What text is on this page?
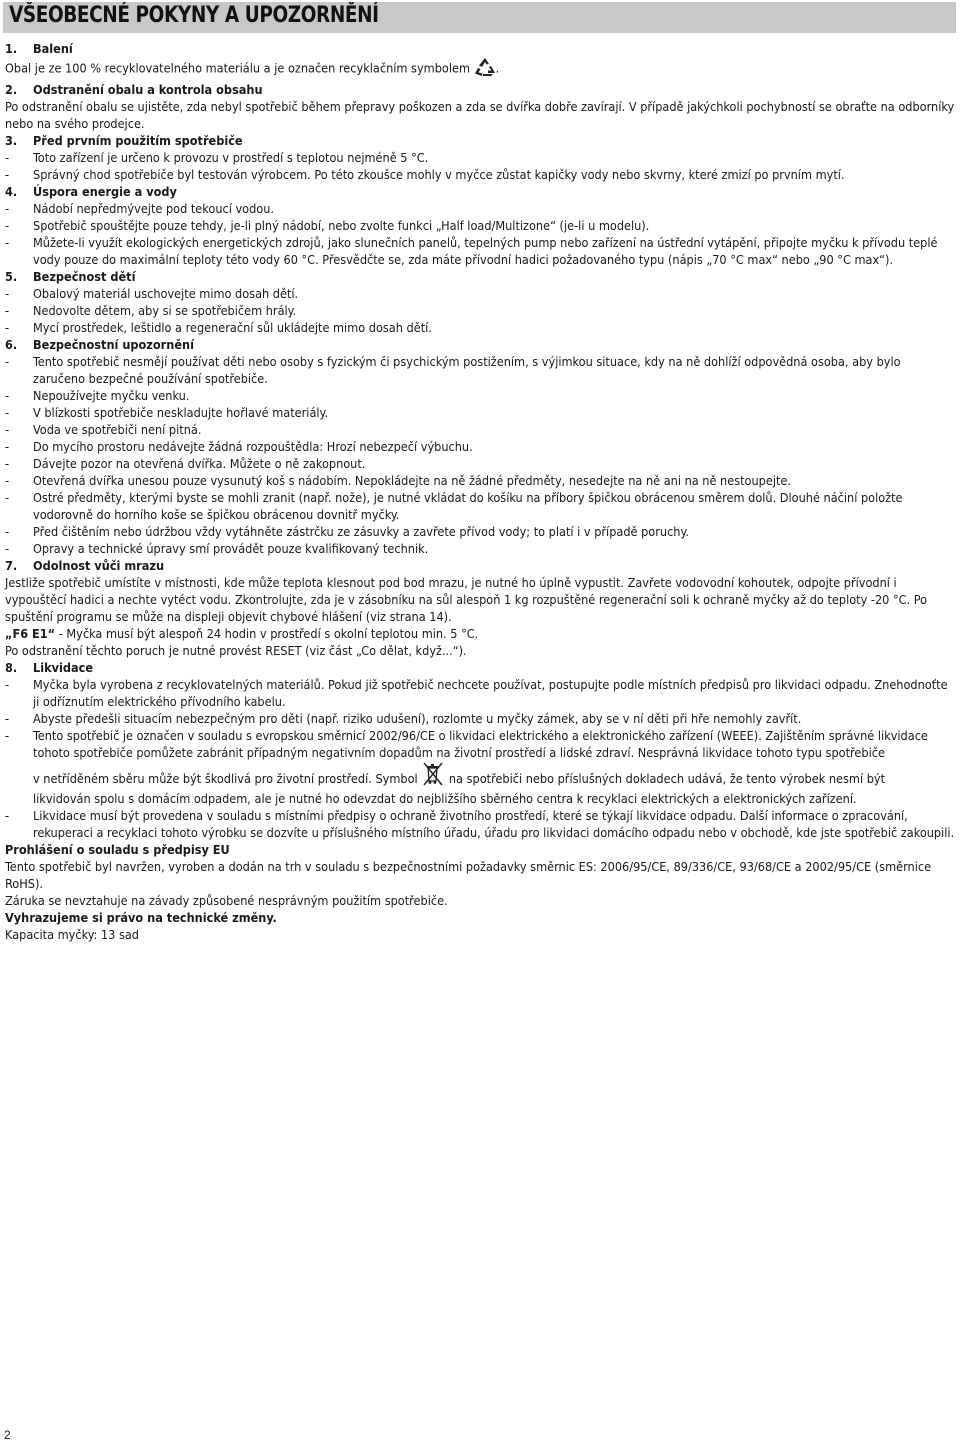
VŠEOBECNÉ POKYNY A UPOZORNĚNÍ

1. Balení

Obal je ze 100 % recyklovatelného materiálu a je označen recyklačním symbolem .

2. Odstranění obalu a kontrola obsahu

Po odstranění obalu se ujistěte, zda nebyl spotřebič během přepravy poškozen a zda se dvířka dobře zavírají. V případě jakýchkoli pochybností se obraťte na odborníky nebo na svého prodejce.

3. Před prvním použitím spotřebiče

- Toto zařízení je určeno k provozu v prostředí s teplotou nejméně 5 °C.

- Správný chod spotřebiče byl testován výrobcem. Po této zkoušce mohly v myčce zůstat kapičky vody nebo skvrny, které zmizí po prvním mytí.

4. Úspora energie a vody

- Nádobí nepředmývejte pod tekoucí vodou.

- Spotřebič spouštějte pouze tehdy, je-li plný nádobí, nebo zvolte funkci „Half load/Multizone“ (je-li u modelu).

- Můžete-li využít ekologických energetických zdrojů, jako slunečních panelů, tepelných pump nebo zařízení na ústřední vytápění, připojte myčku k přívodu teplé vody pouze do maximální teploty této vody 60 °C. Přesvědčte se, zda máte přívodní hadici požadovaného typu (nápis „70 °C max“ nebo „90 °C max“).

5. Bezpečnost dětí

- Obalový materiál uschovejte mimo dosah dětí.

- Nedovolte dětem, aby si se spotřebičem hrály.

- Mycí prostředek, leštidlo a regenerační sůl ukládejte mimo dosah dětí.

6. Bezpečnostní upozornění

- Tento spotřebič nesmějí používat děti nebo osoby s fyzickým či psychickým postižením, s výjimkou situace, kdy na ně dohlíží odpovědná osoba, aby bylo zaručeno bezpečné používání spotřebiče.

- Nepoužívejte myčku venku.

- V blízkosti spotřebiče neskladujte hořlavé materiály.

- Voda ve spotřebiči není pitná.

- Do mycího prostoru nedávejte žádná rozpouštědla: Hrozí nebezpečí výbuchu.

- Dávejte pozor na otevřená dvířka. Můžete o ně zakopnout.

- Otevřená dvířka unesou pouze vysunutý koš s nádobím. Nepokládejte na ně žádné předměty, nesedejte na ně ani na ně nestoupejte.

- Ostré předměty, kterými byste se mohli zranit (např. nože), je nutné vkládat do košíku na příbory špičkou obrácenou směrem dolů. Dlouhé náčiní položte vodorovně do horního koše se špičkou obrácenou dovnitř myčky.

- Před čištěním nebo údržbou vždy vytáhněte zástrčku ze zásuvky a zavřete přívod vody; to platí i v případě poruchy.

- Opravy a technické úpravy smí provádět pouze kvalifikovaný technik.

7. Odolnost vůči mrazu

Jestliže spotřebič umístíte v místnosti, kde může teplota klesnout pod bod mrazu, je nutné ho úplně vypustit. Zavřete vodovodní kohoutek, odpojte přívodní i vypouštěcí hadici a nechte vytéct vodu. Zkontrolujte, zda je v zásobníku na sůl alespoň 1 kg rozpuštěné regenerační soli k ochraně myčky až do teploty -20 °C. Po spuštění programu se může na displeji objevit chybové hlášení (viz strana 14).

„F6 E1“ - Myčka musí být alespoň 24 hodin v prostředí s okolní teplotou min. 5 °C.

Po odstranění těchto poruch je nutné provést RESET (viz část „Co dělat, když...“).

8. Likvidace

- Myčka byla vyrobena z recyklovatelných materiálů. Pokud již spotřebič nechcete používat, postupujte podle místních předpisů pro likvidaci odpadu. Znehodnoťte ji odříznutím elektrického přívodního kabelu.

- Abyste předešli situacím nebezpečným pro děti (např. riziko udušení), rozlomte u myčky zámek, aby se v ní děti při hře nemohly zavřít.

- Tento spotřebič je označen v souladu s evropskou směrnicí 2002/96/CE o likvidaci elektrického a elektronického zařízení (WEEE). Zajištěním správné likvidace tohoto spotřebiče pomůžete zabránit případným negativním dopadům na životní prostředí a lidské zdraví. Nesprávná likvidace tohoto typu spotřebiče

v netříděném sběru může být škodlivá pro životní prostředí. Symbol na spotřebiči nebo příslušných dokladech udává, že tento výrobek nesmí být

likvidován spolu s domácím odpadem, ale je nutné ho odevzdat do nejbližšího sběrného centra k recyklaci elektrických a elektronických zařízení.

- Likvidace musí být provedena v souladu s místními předpisy o ochraně životního prostředí, které se týkají likvidace odpadu. Další informace o zpracování, rekuperaci a recyklaci tohoto výrobku se dozvíte u příslušného místního úřadu, úřadu pro likvidaci domácího odpadu nebo v obchodě, kde jste spotřebič zakoupili.

Prohlášení o souladu s předpisy EU

Tento spotřebič byl navržen, vyroben a dodán na trh v souladu s bezpečnostními požadavky směrnic ES: 2006/95/CE, 89/336/CE, 93/68/CE a 2002/95/CE (směrnice RoHS).

Záruka se nevztahuje na závady způsobené nesprávným použitím spotřebiče.

Vyhrazujeme si právo na technické změny.

Kapacita myčky: 13 sad

2
